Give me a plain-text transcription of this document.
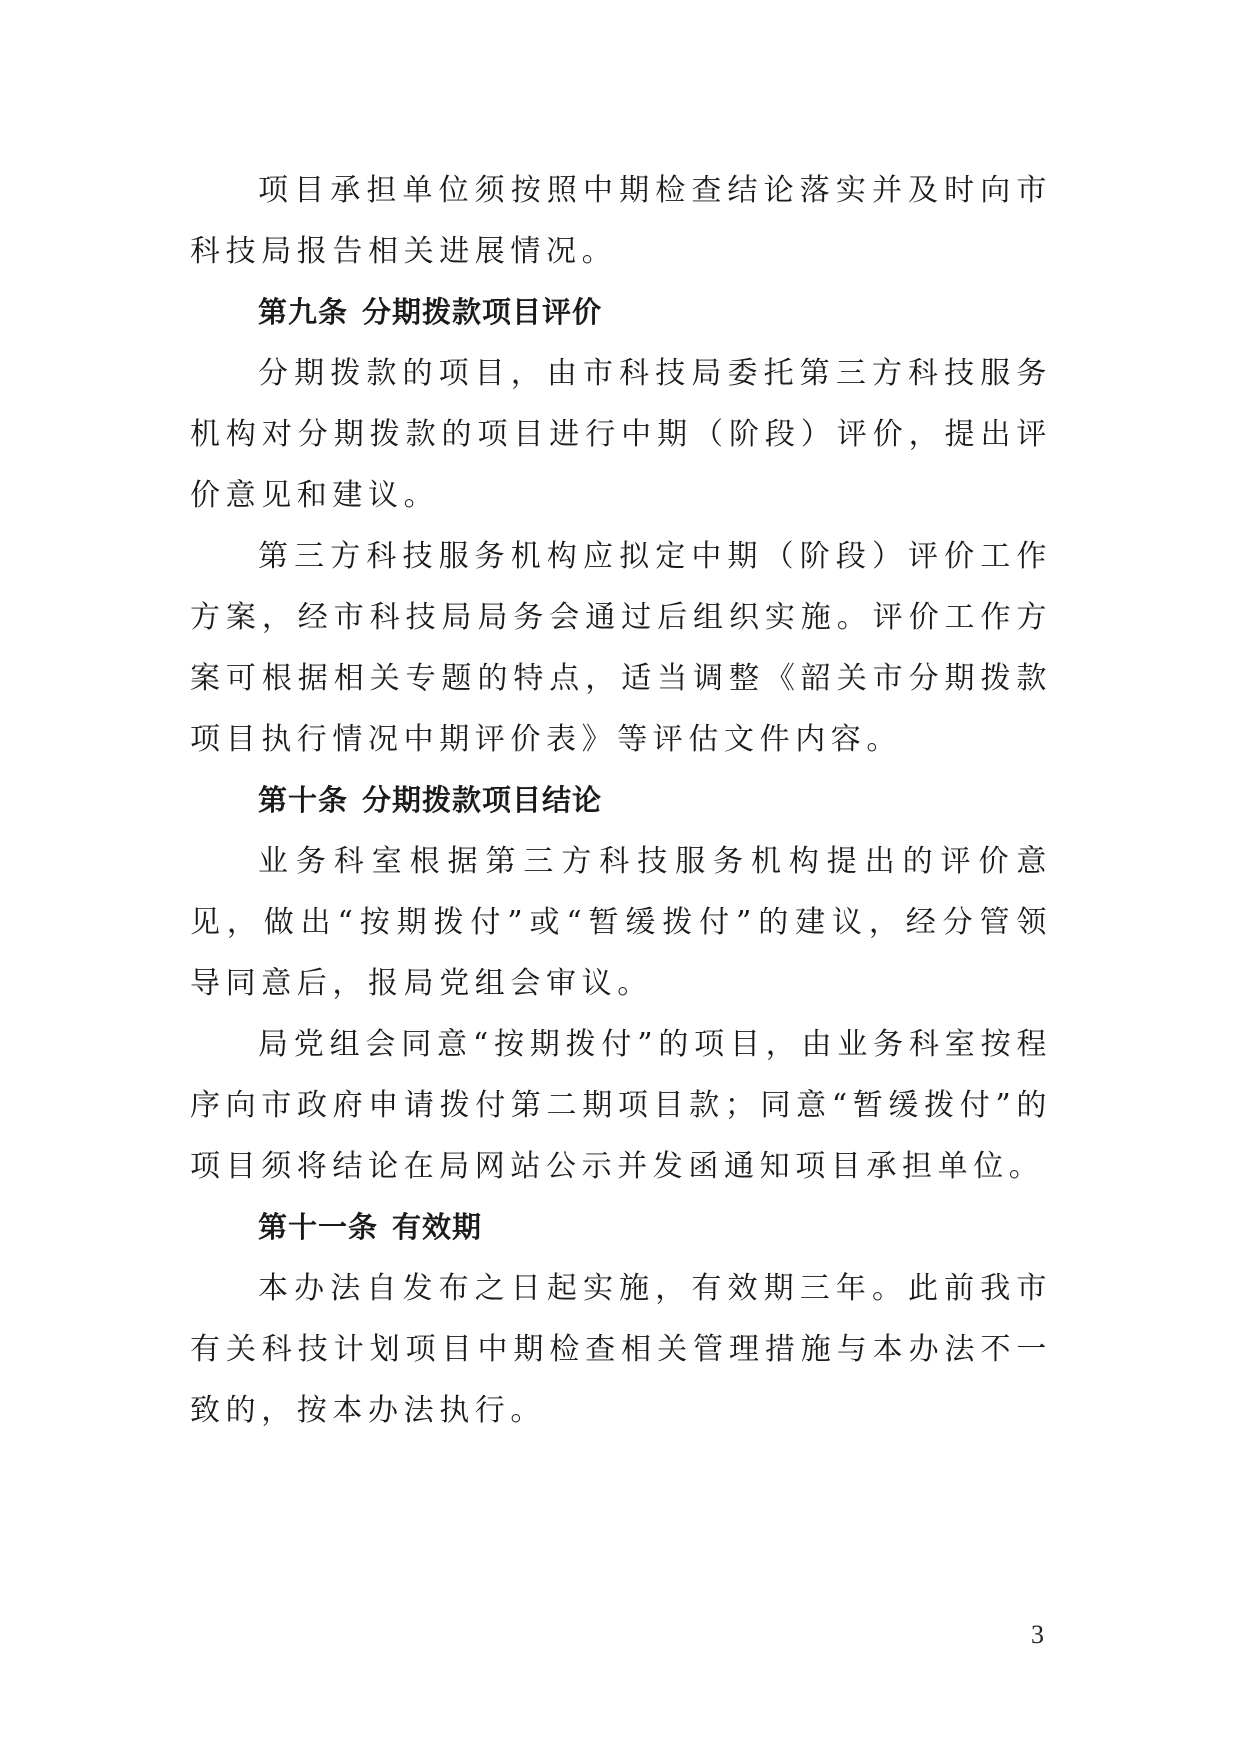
项目承担单位须按照中期检查结论落实并及时向市科技局报告相关进展情况。

第九条 分期拨款项目评价

分期拨款的项目，由市科技局委托第三方科技服务机构对分期拨款的项目进行中期（阶段）评价，提出评价意见和建议。

第三方科技服务机构应拟定中期（阶段）评价工作方案，经市科技局局务会通过后组织实施。评价工作方案可根据相关专题的特点，适当调整《韶关市分期拨款项目执行情况中期评价表》等评估文件内容。

第十条 分期拨款项目结论

业务科室根据第三方科技服务机构提出的评价意见，做出“按期拨付”或“暂缓拨付”的建议，经分管领导同意后，报局党组会审议。

局党组会同意“按期拨付”的项目，由业务科室按程序向市政府申请拨付第二期项目款；同意“暂缓拨付”的项目须将结论在局网站公示并发函通知项目承担单位。

第十一条 有效期

本办法自发布之日起实施，有效期三年。此前我市有关科技计划项目中期检查相关管理措施与本办法不一致的，按本办法执行。

3
